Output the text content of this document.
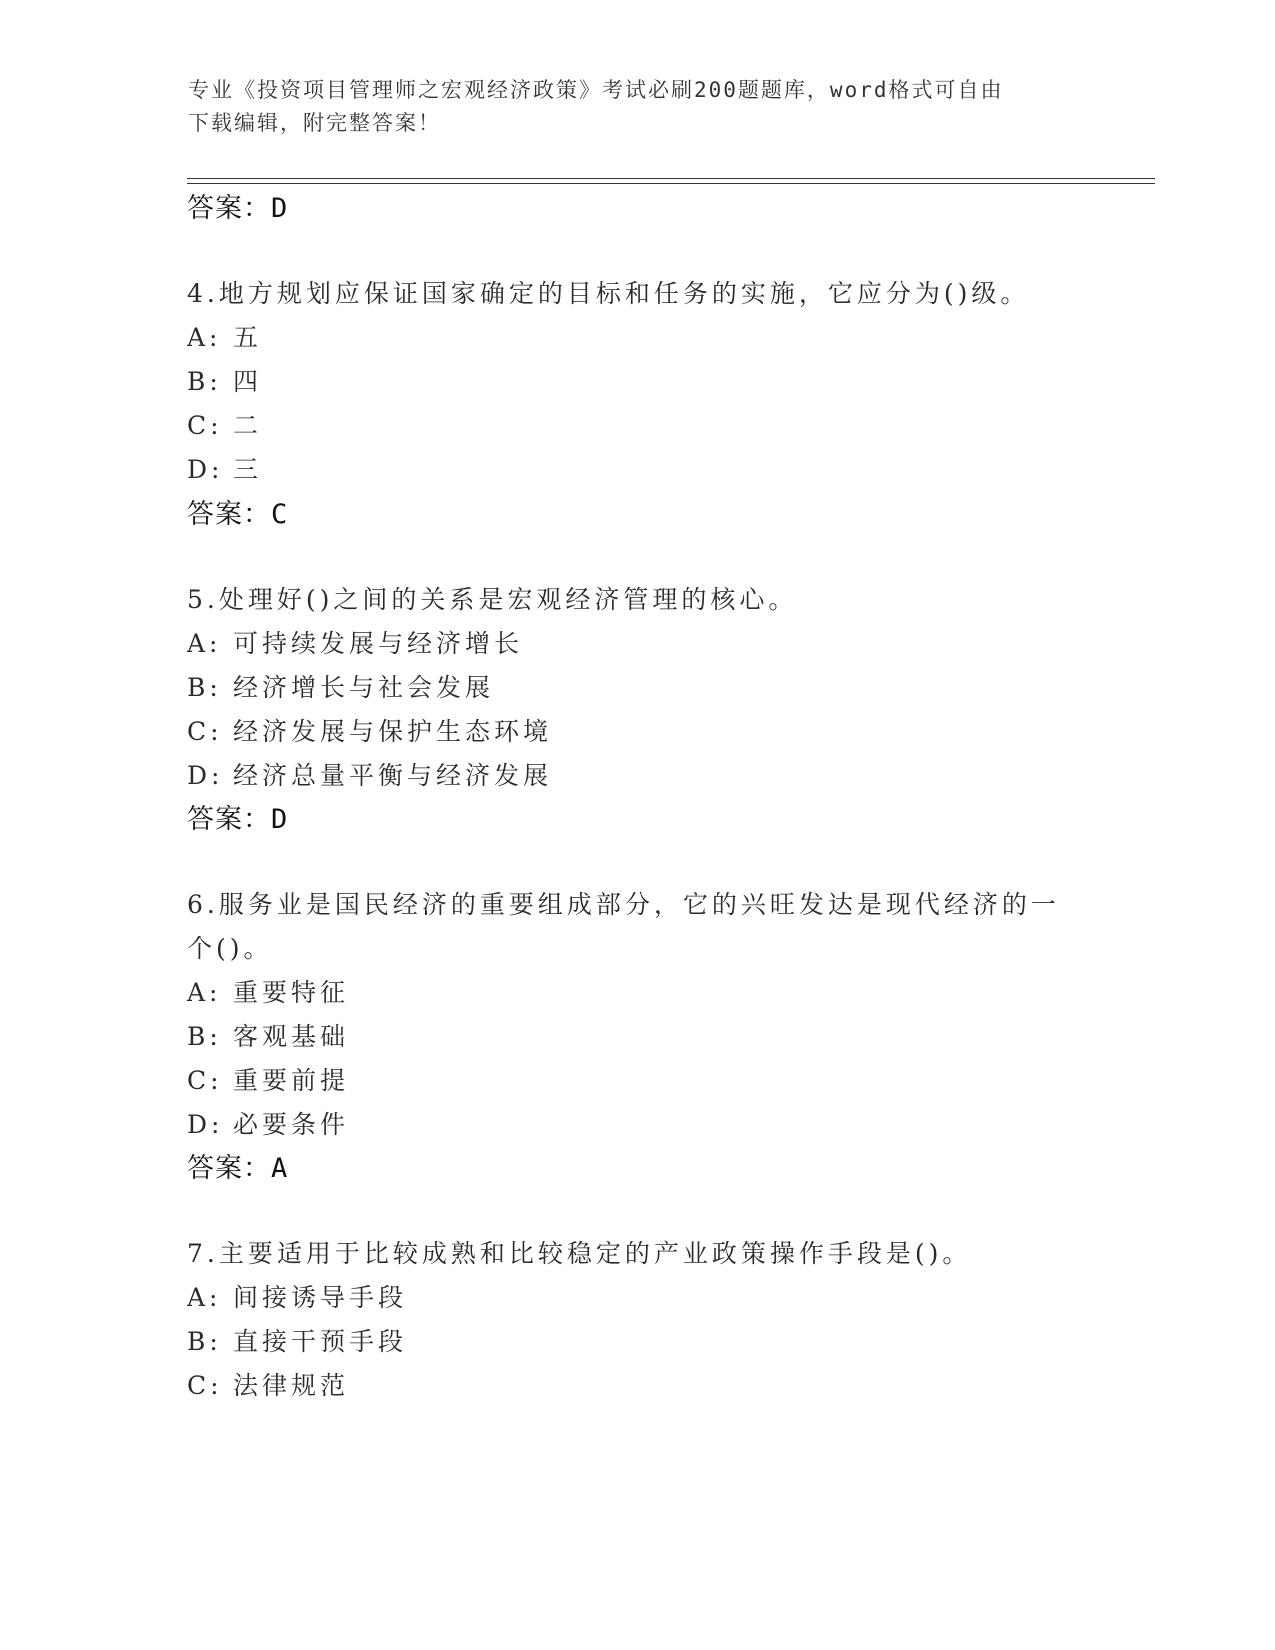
专业《投资项目管理师之宏观经济政策》考试必刷200题题库，word格式可自由
下载编辑，附完整答案！
答案：D
4.地方规划应保证国家确定的目标和任务的实施，它应分为()级。
A: 五
B: 四
C: 二
D: 三
答案：C
5.处理好()之间的关系是宏观经济管理的核心。
A: 可持续发展与经济增长
B: 经济增长与社会发展
C: 经济发展与保护生态环境
D: 经济总量平衡与经济发展
答案：D
6.服务业是国民经济的重要组成部分，它的兴旺发达是现代经济的一
个()。
A: 重要特征
B: 客观基础
C: 重要前提
D: 必要条件
答案：A
7.主要适用于比较成熟和比较稳定的产业政策操作手段是()。
A: 间接诱导手段
B: 直接干预手段
C: 法律规范
